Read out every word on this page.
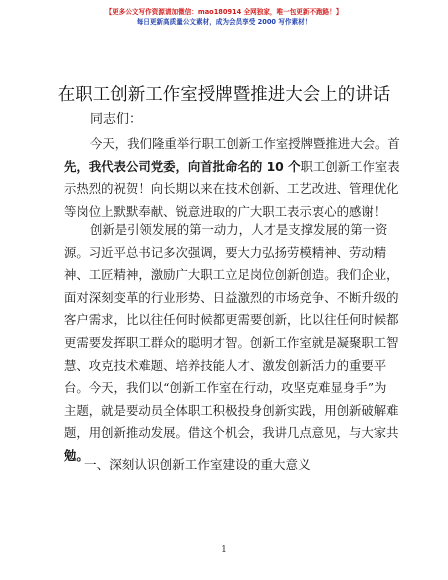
【更多公文写作资源请加微信：mao180914 全网独家，唯一包更新不跑路！】
每日更新高质量公文素材，成为会员享受 2000 写作素材！
在职工创新工作室授牌暨推进大会上的讲话
同志们：
今天，我们隆重举行职工创新工作室授牌暨推进大会。首
先，我代表公司党委，向首批命名的 10 个职工创新工作室表
示热烈的祝贺！向长期以来在技术创新、工艺改进、管理优化
等岗位上默默奉献、锐意进取的广大职工表示衷心的感谢！
创新是引领发展的第一动力，人才是支撑发展的第一资
源。习近平总书记多次强调，要大力弘扬劳模精神、劳动精
神、工匠精神，激励广大职工立足岗位创新创造。我们企业，
面对深刻变革的行业形势、日益激烈的市场竞争、不断升级的
客户需求，比以往任何时候都更需要创新，比以往任何时候都
更需要发挥职工群众的聪明才智。创新工作室就是凝聚职工智
慧、攻克技术难题、培养技能人才、激发创新活力的重要平
台。今天，我们以“创新工作室在行动，攻坚克难显身手”为
主题，就是要动员全体职工积极投身创新实践，用创新破解难
题，用创新推动发展。借这个机会，我讲几点意见，与大家共
勉。
一、深刻认识创新工作室建设的重大意义
1
